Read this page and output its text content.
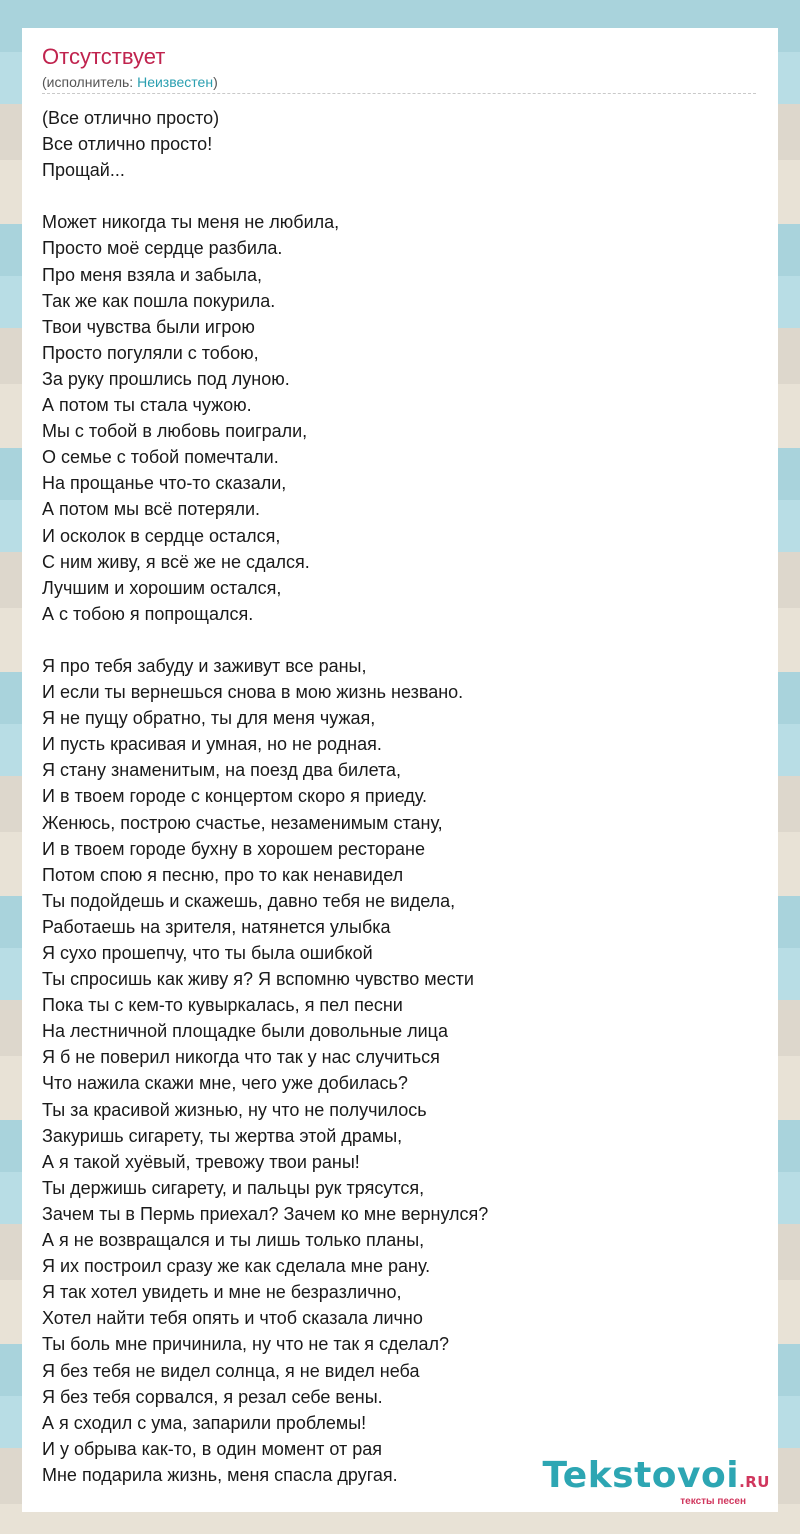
Отсутствует
(исполнитель: Неизвестен)
(Все отлично просто)
Все отлично просто!
Прощай...
Может никогда ты меня не любила,
Просто моё сердце разбила.
Про меня взяла и забыла,
Так же как пошла покурила.
Твои чувства были игрою
Просто погуляли с тобою,
За руку прошлись под луною.
А потом ты стала чужою.
Мы с тобой в любовь поиграли,
О семье с тобой помечтали.
На прощанье что-то сказали,
А потом мы всё потеряли.
И осколок в сердце остался,
С ним живу, я всё же не сдался.
Лучшим и хорошим остался,
А с тобою я попрощался.
Я про тебя забуду и заживут все раны,
И если ты вернешься снова в мою жизнь незвано.
Я не пущу обратно, ты для меня чужая,
И пусть красивая и умная, но не родная.
Я стану знаменитым, на поезд два билета,
И в твоем городе с концертом скоро я приеду.
Женюсь, построю счастье, незаменимым стану,
И в твоем городе бухну в хорошем ресторане
Потом спою я песню, про то как ненавидел
Ты подойдешь и скажешь, давно тебя не видела,
Работаешь на зрителя, натянется улыбка
Я сухо прошепчу, что ты была ошибкой
Ты спросишь как живу я? Я вспомню чувство мести
Пока ты с кем-то кувыркалась, я пел песни
На лестничной площадке были довольные лица
Я б не поверил никогда что так у нас случиться
Что нажила скажи мне, чего уже добилась?
Ты за красивой жизнью, ну что не получилось
Закуришь сигарету, ты жертва этой драмы,
А я такой хуёвый, тревожу твои раны!
Ты держишь сигарету, и пальцы рук трясутся,
Зачем ты в Пермь приехал? Зачем ко мне вернулся?
А я не возвращался и ты лишь только планы,
Я их построил сразу же как сделала мне рану.
Я так хотел увидеть и мне не безразлично,
Хотел найти тебя опять и чтоб сказала лично
Ты боль мне причинила, ну что не так я сделал?
Я без тебя не видел солнца, я не видел неба
Я без тебя сорвался, я резал себе вены.
А я сходил с ума, запарили проблемы!
И у обрыва как-то, в один момент от рая
Мне подарила жизнь, меня спасла другая.	Tekstovoi.RU
тексты песен
